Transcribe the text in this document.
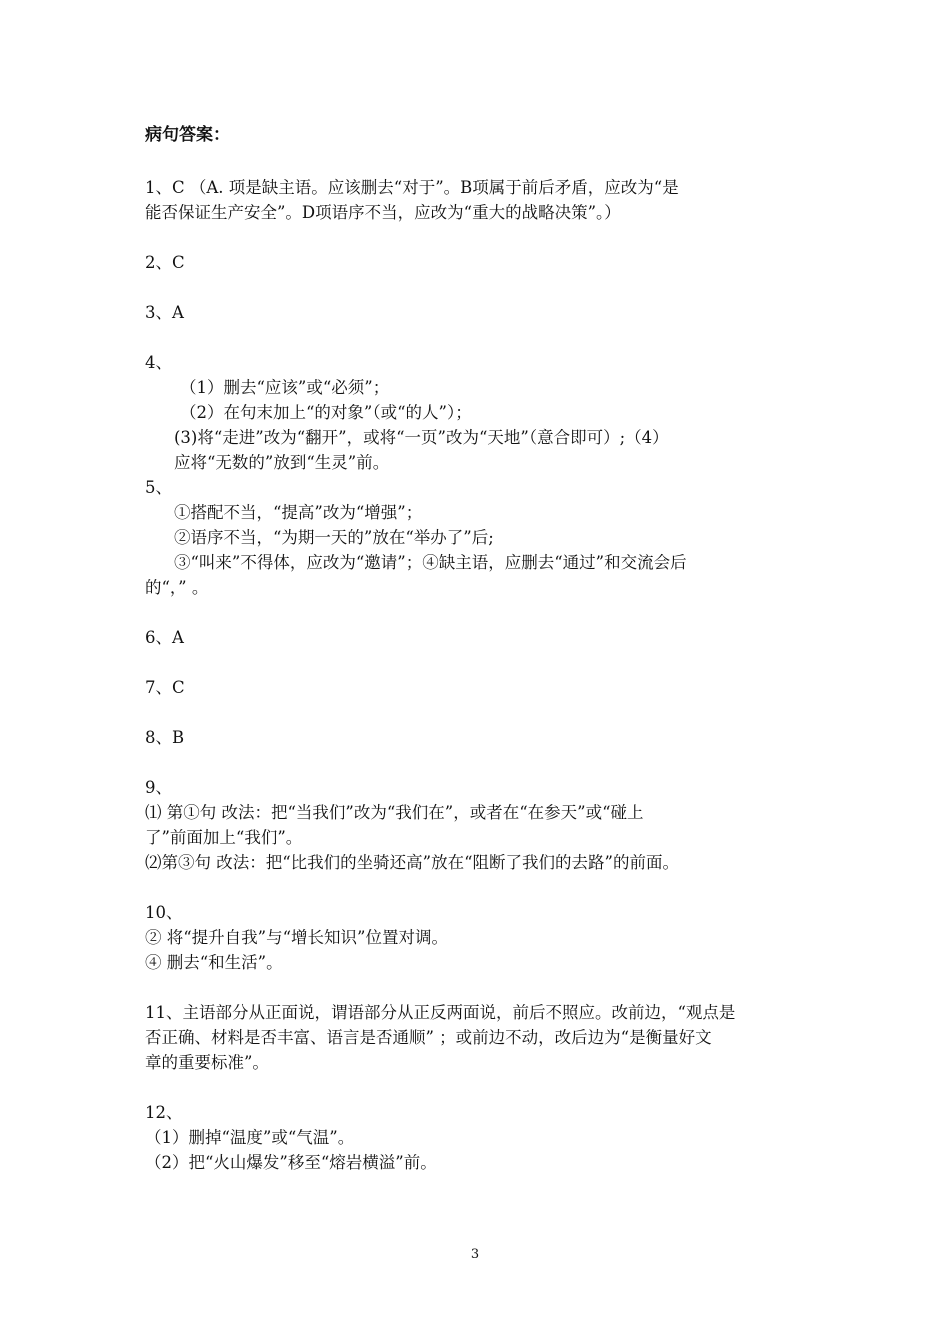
病句答案：
1、C （A. 项是缺主语。应该删去“对于”。B项属于前后矛盾，应改为“是
能否保证生产安全”。D项语序不当，应改为“重大的战略决策”。）
2、C
3、A
4、
（1）删去“应该”或“必须”；
（2）在句末加上“的对象”（或“的人”）；
(3)将“走进”改为“翻开”，或将“一页”改为“天地”（意合即可）;（4）
应将“无数的”放到“生灵”前。
5、
①搭配不当，“提高”改为“增强”；
②语序不当，“为期一天的”放在“举办了”后;
③“叫来”不得体，应改为“邀请”；④缺主语，应删去“通过”和交流会后
的“，” 。
6、A
7、C
8、B
9、
⑴ 第①句 改法：把“当我们”改为“我们在”，或者在“在参天”或“碰上
了”前面加上“我们”。
⑵第③句 改法：把“比我们的坐骑还高”放在“阻断了我们的去路”的前面。
10、
② 将“提升自我”与“增长知识”位置对调。
④ 删去“和生活”。
11、主语部分从正面说，谓语部分从正反两面说，前后不照应。改前边，“观点是
否正确、材料是否丰富、语言是否通顺” ；或前边不动，改后边为“是衡量好文
章的重要标准”。
12、
（1）删掉“温度”或“气温”。
（2）把“火山爆发”移至“熔岩横溢”前。
3
